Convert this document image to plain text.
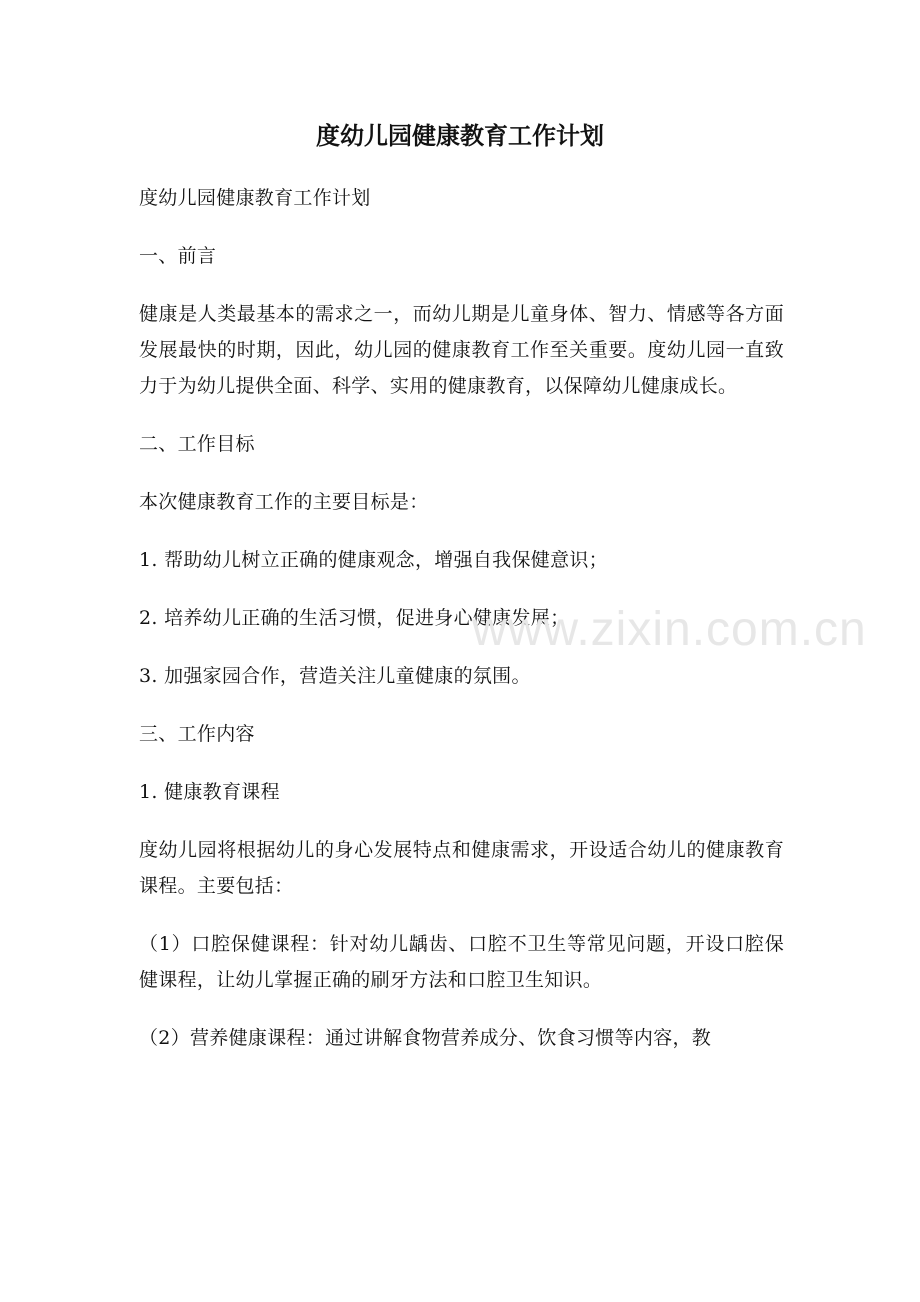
度幼儿园健康教育工作计划

度幼儿园健康教育工作计划

一、前言

健康是人类最基本的需求之一，而幼儿期是儿童身体、智力、情感等各方面发展最快的时期，因此，幼儿园的健康教育工作至关重要。度幼儿园一直致力于为幼儿提供全面、科学、实用的健康教育，以保障幼儿健康成长。

二、工作目标

本次健康教育工作的主要目标是：

1. 帮助幼儿树立正确的健康观念，增强自我保健意识；

2. 培养幼儿正确的生活习惯，促进身心健康发展；

3. 加强家园合作，营造关注儿童健康的氛围。

三、工作内容

1. 健康教育课程

度幼儿园将根据幼儿的身心发展特点和健康需求，开设适合幼儿的健康教育课程。主要包括：

（1）口腔保健课程：针对幼儿龋齿、口腔不卫生等常见问题，开设口腔保健课程，让幼儿掌握正确的刷牙方法和口腔卫生知识。

（2）营养健康课程：通过讲解食物营养成分、饮食习惯等内容，教

www.zixin.com.cn
